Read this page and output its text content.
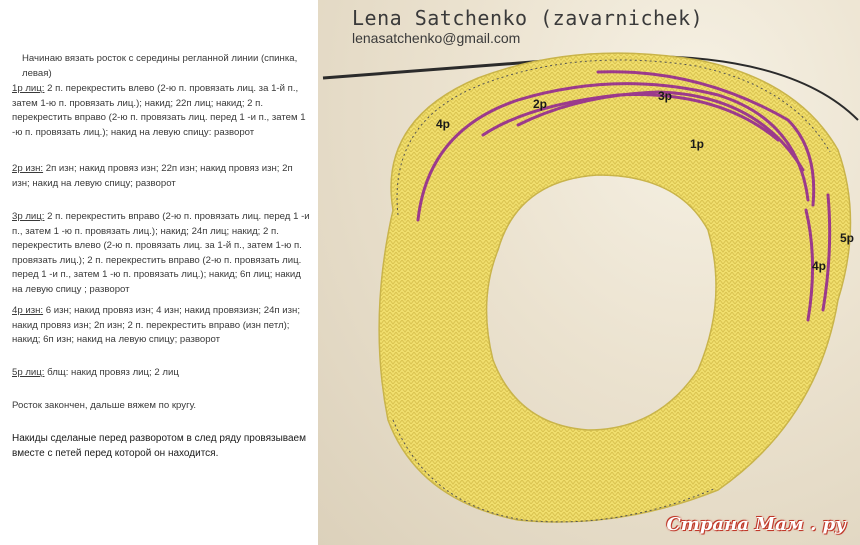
Начинаю вязать росток с середины регланной линии (спинка, левая)

1р лиц: 2 п. перекрестить влево (2-ю п. провязать лиц. за 1-й п., затем 1-ю п. провязать лиц.); накид; 22п лиц; накид; 2 п. перекрестить вправо (2-ю п. провязать лиц. перед 1 -и п., затем 1 -ю п. провязать лиц.); накид на левую спицу: разворот

2р изн: 2п изн; накид провяз изн; 22п изн; накид провяз изн; 2п изн; накид на левую спицу; разворот

3р лиц: 2 п. перекрестить вправо (2-ю п. провязать лиц. перед 1 -и п., затем 1 -ю п. провязать лиц.); накид; 24п лиц; накид; 2 п. перекрестить влево (2-ю п. провязать лиц. за 1-й п., затем 1-ю п. провязать лиц.); 2 п. перекрестить вправо (2-ю п. провязать лиц. перед 1 -и п., затем 1 -ю п. провязать лиц.); накид; 6п лиц; накид на левую спицу ; разворот

4р изн: 6 изн; накид провяз изн; 4 изн; накид провязизн; 24п изн; накид провяз изн; 2п изн; 2 п. перекрестить вправо (изн петл); накид; 6п изн; накид на левую спицу; разворот

5р лиц: блщ: накид провяз лиц; 2 лиц

Росток закончен, дальше вяжем по кругу.

Накиды сделаные перед разворотом в след ряду провязываем вместе с петей перед которой он находится.

4р
2р
3р
1р
5р
4р
Lena Satchenko (zavarnichek)
lenasatchenko@gmail.com
Страна Мам . ру
